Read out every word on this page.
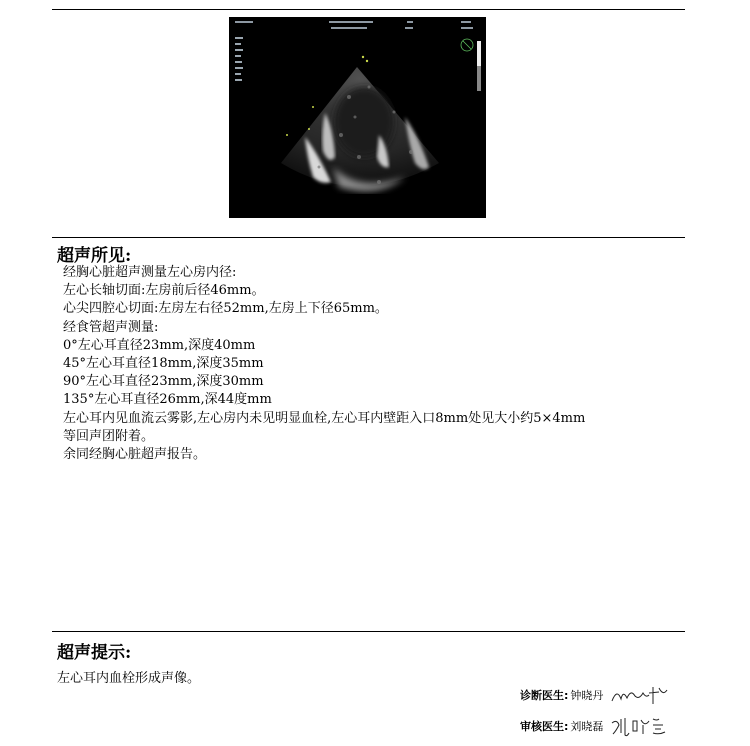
超声所见:
经胸心脏超声测量左心房内径:
左心长轴切面:左房前后径46mm。
心尖四腔心切面:左房左右径52mm,左房上下径65mm。
经食管超声测量:
0°左心耳直径23mm,深度40mm
45°左心耳直径18mm,深度35mm
90°左心耳直径23mm,深度30mm
135°左心耳直径26mm,深44度mm
左心耳内见血流云雾影,左心房内未见明显血栓,左心耳内壁距入口8mm处见大小约5×4mm
等回声团附着。
余同经胸心脏超声报告。
超声提示:
左心耳内血栓形成声像。
诊断医生: 钟晓丹
审核医生: 刘晓磊
